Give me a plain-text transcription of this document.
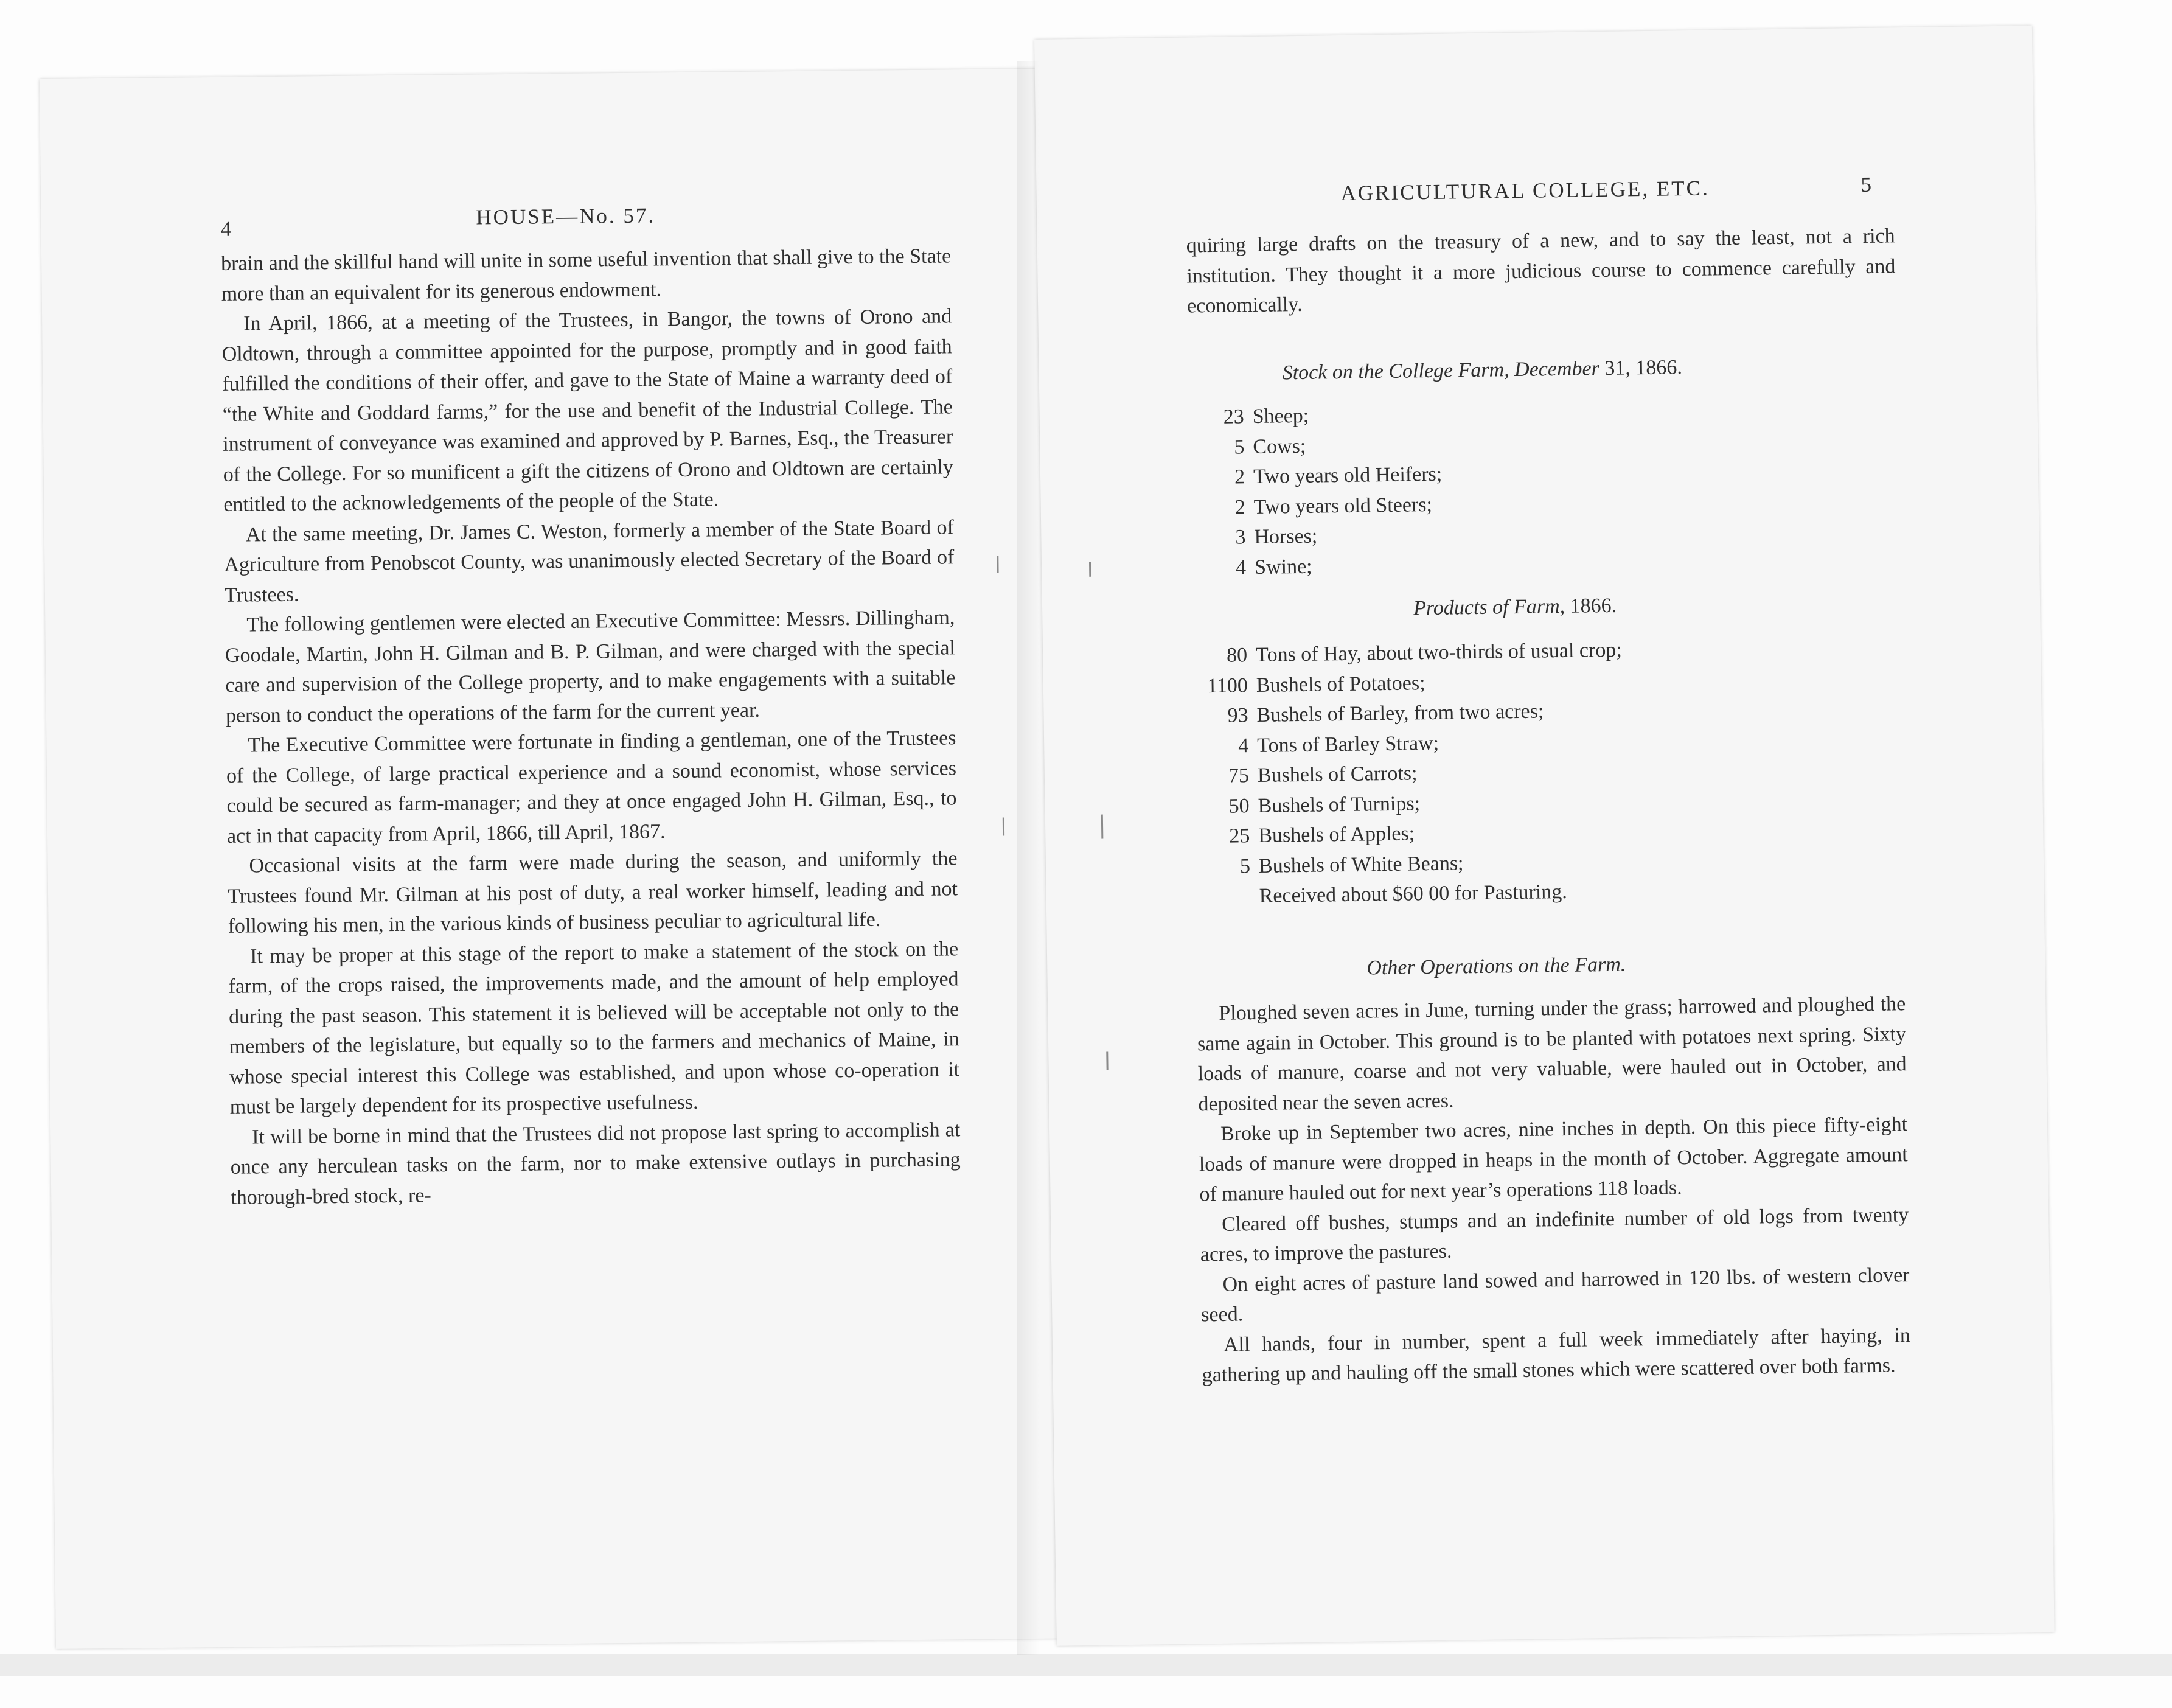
4	HOUSE—No. 57.

brain and the skillful hand will unite in some useful invention that shall give to the State more than an equivalent for its generous endowment.

In April, 1866, at a meeting of the Trustees, in Bangor, the towns of Orono and Oldtown, through a committee appointed for the purpose, promptly and in good faith fulfilled the conditions of their offer, and gave to the State of Maine a warranty deed of “the White and Goddard farms,” for the use and benefit of the Industrial College. The instrument of conveyance was examined and approved by P. Barnes, Esq., the Treasurer of the College. For so munificent a gift the citizens of Orono and Oldtown are certainly entitled to the acknowledgements of the people of the State.

At the same meeting, Dr. James C. Weston, formerly a member of the State Board of Agriculture from Penobscot County, was unanimously elected Secretary of the Board of Trustees.

The following gentlemen were elected an Executive Committee: Messrs. Dillingham, Goodale, Martin, John H. Gilman and B. P. Gilman, and were charged with the special care and supervision of the College property, and to make engagements with a suitable person to conduct the operations of the farm for the current year.

The Executive Committee were fortunate in finding a gentleman, one of the Trustees of the College, of large practical experience and a sound economist, whose services could be secured as farm-manager; and they at once engaged John H. Gilman, Esq., to act in that capacity from April, 1866, till April, 1867.

Occasional visits at the farm were made during the season, and uniformly the Trustees found Mr. Gilman at his post of duty, a real worker himself, leading and not following his men, in the various kinds of business peculiar to agricultural life.

It may be proper at this stage of the report to make a statement of the stock on the farm, of the crops raised, the improvements made, and the amount of help employed during the past season. This statement it is believed will be acceptable not only to the members of the legislature, but equally so to the farmers and mechanics of Maine, in whose special interest this College was established, and upon whose co-operation it must be largely dependent for its prospective usefulness.

It will be borne in mind that the Trustees did not propose last spring to accomplish at once any herculean tasks on the farm, nor to make extensive outlays in purchasing thorough-bred stock, re-

AGRICULTURAL COLLEGE, ETC.	5

quiring large drafts on the treasury of a new, and to say the least, not a rich institution. They thought it a more judicious course to commence carefully and economically.

Stock on the College Farm, December 31, 1866.
23 Sheep;
5 Cows;
2 Two years old Heifers;
2 Two years old Steers;
3 Horses;
4 Swine;
Products of Farm, 1866.
80 Tons of Hay, about two-thirds of usual crop;
1100 Bushels of Potatoes;
93 Bushels of Barley, from two acres;
4 Tons of Barley Straw;
75 Bushels of Carrots;
50 Bushels of Turnips;
25 Bushels of Apples;
5 Bushels of White Beans;
Received about $60 00 for Pasturing.
Other Operations on the Farm.

Ploughed seven acres in June, turning under the grass; harrowed and ploughed the same again in October. This ground is to be planted with potatoes next spring. Sixty loads of manure, coarse and not very valuable, were hauled out in October, and deposited near the seven acres.

Broke up in September two acres, nine inches in depth. On this piece fifty-eight loads of manure were dropped in heaps in the month of October. Aggregate amount of manure hauled out for next year’s operations 118 loads.

Cleared off bushes, stumps and an indefinite number of old logs from twenty acres, to improve the pastures.

On eight acres of pasture land sowed and harrowed in 120 lbs. of western clover seed.

All hands, four in number, spent a full week immediately after haying, in gathering up and hauling off the small stones which were scattered over both farms.
